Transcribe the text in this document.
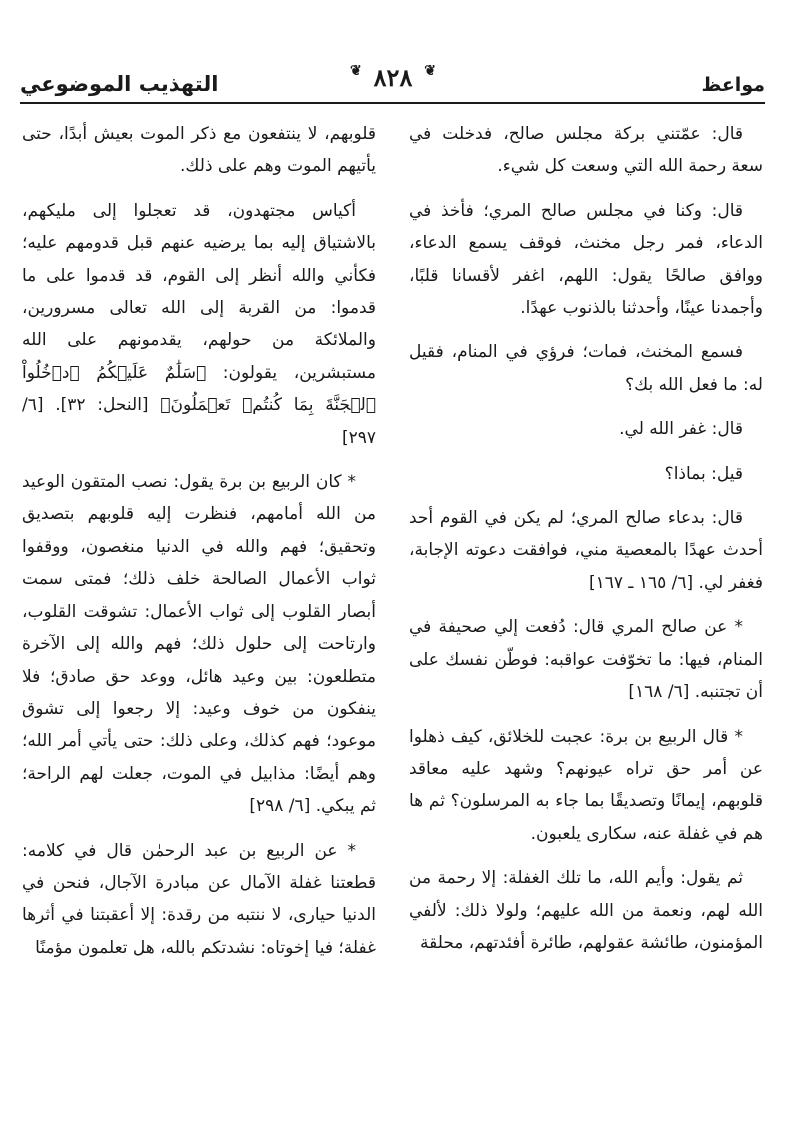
مواعظ
❦
٨٢٨
❦
التهذيب الموضوعي

قال: عمّتني بركة مجلس صالح، فدخلت في سعة رحمة الله التي وسعت كل شيء.

قال: وكنا في مجلس صالح المري؛ فأخذ في الدعاء، فمر رجل مخنث، فوقف يسمع الدعاء، ووافق صالحًا يقول: اللهم، اغفر لأقسانا قلبًا، وأجمدنا عينًا، وأحدثنا بالذنوب عهدًا.

فسمع المخنث، فمات؛ فرؤي في المنام، فقيل له: ما فعل الله بك؟

قال: غفر الله لي.

قيل: بماذا؟

قال: بدعاء صالح المري؛ لم يكن في القوم أحد أحدث عهدًا بالمعصية مني، فوافقت دعوته الإجابة، فغفر لي. [٦/ ١٦٥ ـ ١٦٧]

* عن صالح المري قال: دُفعت إلي صحيفة في المنام، فيها: ما تخوّفت عواقبه: فوطّن نفسك على أن تجتنبه. [٦/ ١٦٨]

* قال الربيع بن برة: عجبت للخلائق، كيف ذهلوا عن أمر حق تراه عيونهم؟ وشهد عليه معاقد قلوبهم، إيمانًا وتصديقًا بما جاء به المرسلون؟ ثم ها هم في غفلة عنه، سكارى يلعبون.

ثم يقول: وأيم الله، ما تلك الغفلة: إلا رحمة من الله لهم، ونعمة من الله عليهم؛ ولولا ذلك: لألفي المؤمنون، طائشة عقولهم، طائرة أفئدتهم، محلقة

قلوبهم، لا ينتفعون مع ذكر الموت بعيش أبدًا، حتى يأتيهم الموت وهم على ذلك.

أكياس مجتهدون، قد تعجلوا إلى مليكهم، بالاشتياق إليه بما يرضيه عنهم قبل قدومهم عليه؛ فكأني والله أنظر إلى القوم، قد قدموا على ما قدموا: من القربة إلى الله تعالى مسرورين، والملائكة من حولهم، يقدمونهم على الله مستبشرين، يقولون: ﴿سَلَٰمٌ عَلَيۡكُمُ ٱدۡخُلُواْ ٱلۡجَنَّةَ بِمَا كُنتُمۡ تَعۡمَلُونَ﴾ [النحل: ٣٢]. [٦/ ٢٩٧]

* كان الربيع بن برة يقول: نصب المتقون الوعيد من الله أمامهم، فنظرت إليه قلوبهم بتصديق وتحقيق؛ فهم والله في الدنيا منغصون، ووقفوا ثواب الأعمال الصالحة خلف ذلك؛ فمتى سمت أبصار القلوب إلى ثواب الأعمال: تشوقت القلوب، وارتاحت إلى حلول ذلك؛ فهم والله إلى الآخرة متطلعون: بين وعيد هائل، ووعد حق صادق؛ فلا ينفكون من خوف وعيد: إلا رجعوا إلى تشوق موعود؛ فهم كذلك، وعلى ذلك: حتى يأتي أمر الله؛ وهم أيضًا: مذابيل في الموت، جعلت لهم الراحة؛ ثم يبكي. [٦/ ٢٩٨]

* عن الربيع بن عبد الرحمٰن قال في كلامه: قطعتنا غفلة الآمال عن مبادرة الآجال، فنحن في الدنيا حيارى، لا ننتبه من رقدة: إلا أعقبتنا في أثرها غفلة؛ فيا إخوتاه: نشدتكم بالله، هل تعلمون مؤمنًا
